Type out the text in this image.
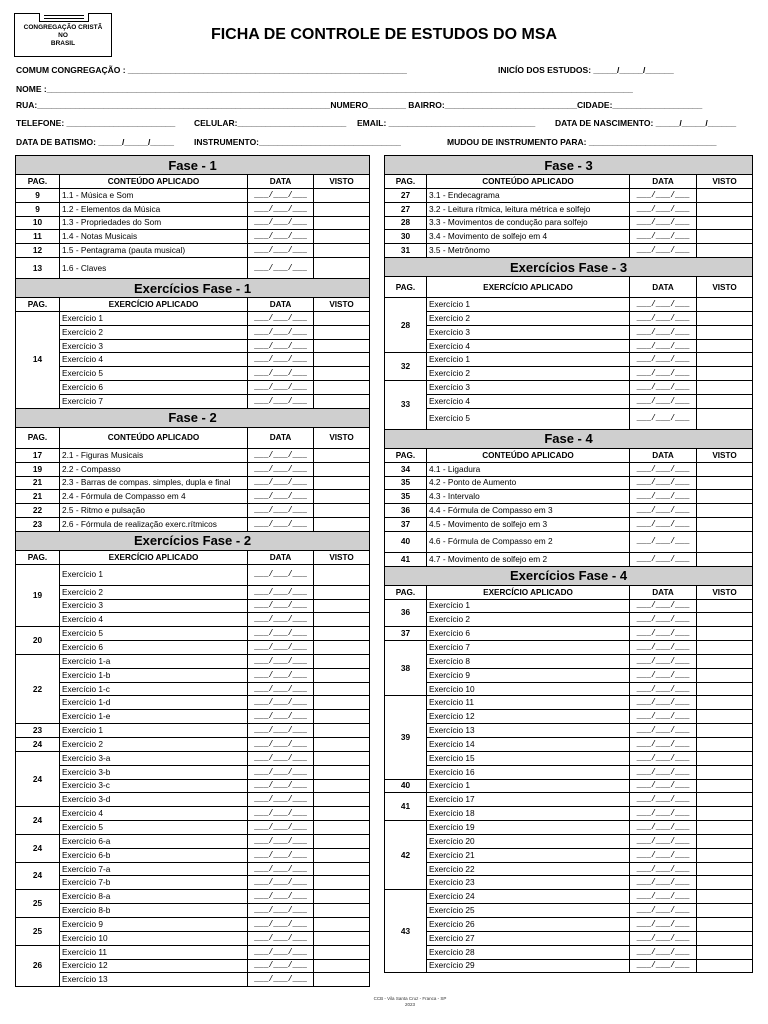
CONGREGAÇÃO CRISTÃ
NO
BRASIL
FICHA DE CONTROLE DE ESTUDOS DO MSA
COMUM CONGREGAÇÃO : ___________________________________________________________	INICÍO DOS ESTUDOS: _____/_____/______
NOME :____________________________________________________________________________________________________________________________
RUA:______________________________________________________________NUMERO________ BAIRRO:____________________________CIDADE:___________________
TELEFONE: _______________________ CELULAR:_______________________ EMAIL: _______________________________ DATA DE NASCIMENTO: _____/_____/______
DATA DE BATISMO: _____/_____/_____ INSTRUMENTO:______________________________	MUDOU DE INSTRUMENTO PARA: ___________________________
Fase - 1			
PAG.	CONTEÚDO APLICADO	DATA	VISTO
9	1.1 - Música e Som	___/___/___	
9	1.2 - Elementos da Música	___/___/___	
10	1.3 - Propriedades do Som	___/___/___	
11	1.4 - Notas Musicais	___/___/___	
12	1.5 - Pentagrama (pauta musical)	___/___/___	
13	1.6 - Claves	___/___/___	
Exercícios Fase - 1			
PAG.	EXERCÍCIO APLICADO	DATA	VISTO
14	Exercício 1	___/___/___	
	Exercício 2	___/___/___	
	Exercício 3	___/___/___	
	Exercício 4	___/___/___	
	Exercício 5	___/___/___	
	Exercício 6	___/___/___	
	Exercício 7	___/___/___	
Fase - 2			
PAG.	CONTEÚDO APLICADO	DATA	VISTO
17	2.1 - Figuras Musicais	___/___/___	
19	2.2 - Compasso	___/___/___	
21	2.3 - Barras de compas. simples, dupla e final	___/___/___	
21	2.4 - Fórmula de Compasso em 4	___/___/___	
22	2.5 - Ritmo e pulsação	___/___/___	
23	2.6 - Fórmula de realização exerc.rítmicos	___/___/___	
Exercícios Fase - 2			
PAG.	EXERCÍCIO APLICADO	DATA	VISTO
19	Exercício 1	___/___/___	
	Exercício 2	___/___/___	
	Exercício 3	___/___/___	
	Exercício 4	___/___/___	
20	Exercício 5	___/___/___	
	Exercício 6	___/___/___	
22	Exercício 1-a	___/___/___	
	Exercício 1-b	___/___/___	
	Exercício 1-c	___/___/___	
	Exercício 1-d	___/___/___	
	Exercício 1-e	___/___/___	
23	Exercício 1	___/___/___	
24	Exercício 2	___/___/___	
24	Exercício 3-a	___/___/___	
	Exercício 3-b	___/___/___	
	Exercício 3-c	___/___/___	
	Exercício 3-d	___/___/___	
24	Exercício 4	___/___/___	
	Exercício 5	___/___/___	
24	Exercício 6-a	___/___/___	
	Exercício 6-b	___/___/___	
24	Exercício 7-a	___/___/___	
	Exercício 7-b	___/___/___	
25	Exercício 8-a	___/___/___	
	Exercício 8-b	___/___/___	
25	Exercício 9	___/___/___	
	Exercício 10	___/___/___	
26	Exercício 11	___/___/___	
	Exercício 12	___/___/___	
	Exercício 13	___/___/___	
Fase - 3			
PAG.	CONTEÚDO APLICADO	DATA	VISTO
27	3.1 - Endecagrama	___/___/___	
27	3.2 - Leitura rítmica, leitura métrica e solfejo	___/___/___	
28	3.3 - Movimentos de condução para solfejo	___/___/___	
30	3.4 - Movimento de solfejo em 4	___/___/___	
31	3.5 - Metrônomo	___/___/___	
Exercícios Fase - 3			
PAG.	EXERCÍCIO APLICADO	DATA	VISTO
28	Exercício 1	___/___/___	
	Exercício 2	___/___/___	
	Exercício 3	___/___/___	
	Exercício 4	___/___/___	
32	Exercício 1	___/___/___	
	Exercício 2	___/___/___	
33	Exercício 3	___/___/___	
	Exercício 4	___/___/___	
	Exercício 5	___/___/___	
Fase - 4			
PAG.	CONTEÚDO APLICADO	DATA	VISTO
34	4.1 - Ligadura	___/___/___	
35	4.2 - Ponto de Aumento	___/___/___	
35	4.3 - Intervalo	___/___/___	
36	4.4 - Fórmula de Compasso em 3	___/___/___	
37	4.5 - Movimento de solfejo em 3	___/___/___	
40	4.6 - Fórmula de Compasso em 2	___/___/___	
41	4.7 - Movimento de solfejo em 2	___/___/___	
Exercícios Fase - 4			
PAG.	EXERCÍCIO APLICADO	DATA	VISTO
36	Exercício 1	___/___/___	
	Exercício 2	___/___/___	
37	Exercício 6	___/___/___	
38	Exercício 7	___/___/___	
	Exercício 8	___/___/___	
	Exercício 9	___/___/___	
	Exercício 10	___/___/___	
39	Exercício 11	___/___/___	
	Exercício 12	___/___/___	
	Exercício 13	___/___/___	
	Exercício 14	___/___/___	
	Exercício 15	___/___/___	
	Exercício 16	___/___/___	
40	Exercício 1	___/___/___	
41	Exercício 17	___/___/___	
	Exercício 18	___/___/___	
42	Exercício 19	___/___/___	
	Exercício 20	___/___/___	
	Exercício 21	___/___/___	
	Exercício 22	___/___/___	
	Exercício 23	___/___/___	
43	Exercício 24	___/___/___	
	Exercício 25	___/___/___	
	Exercício 26	___/___/___	
	Exercício 27	___/___/___	
	Exercício 28	___/___/___	
	Exercício 29	___/___/___	
CCB - Vila Santa Cruz - Franca - SP
2023
